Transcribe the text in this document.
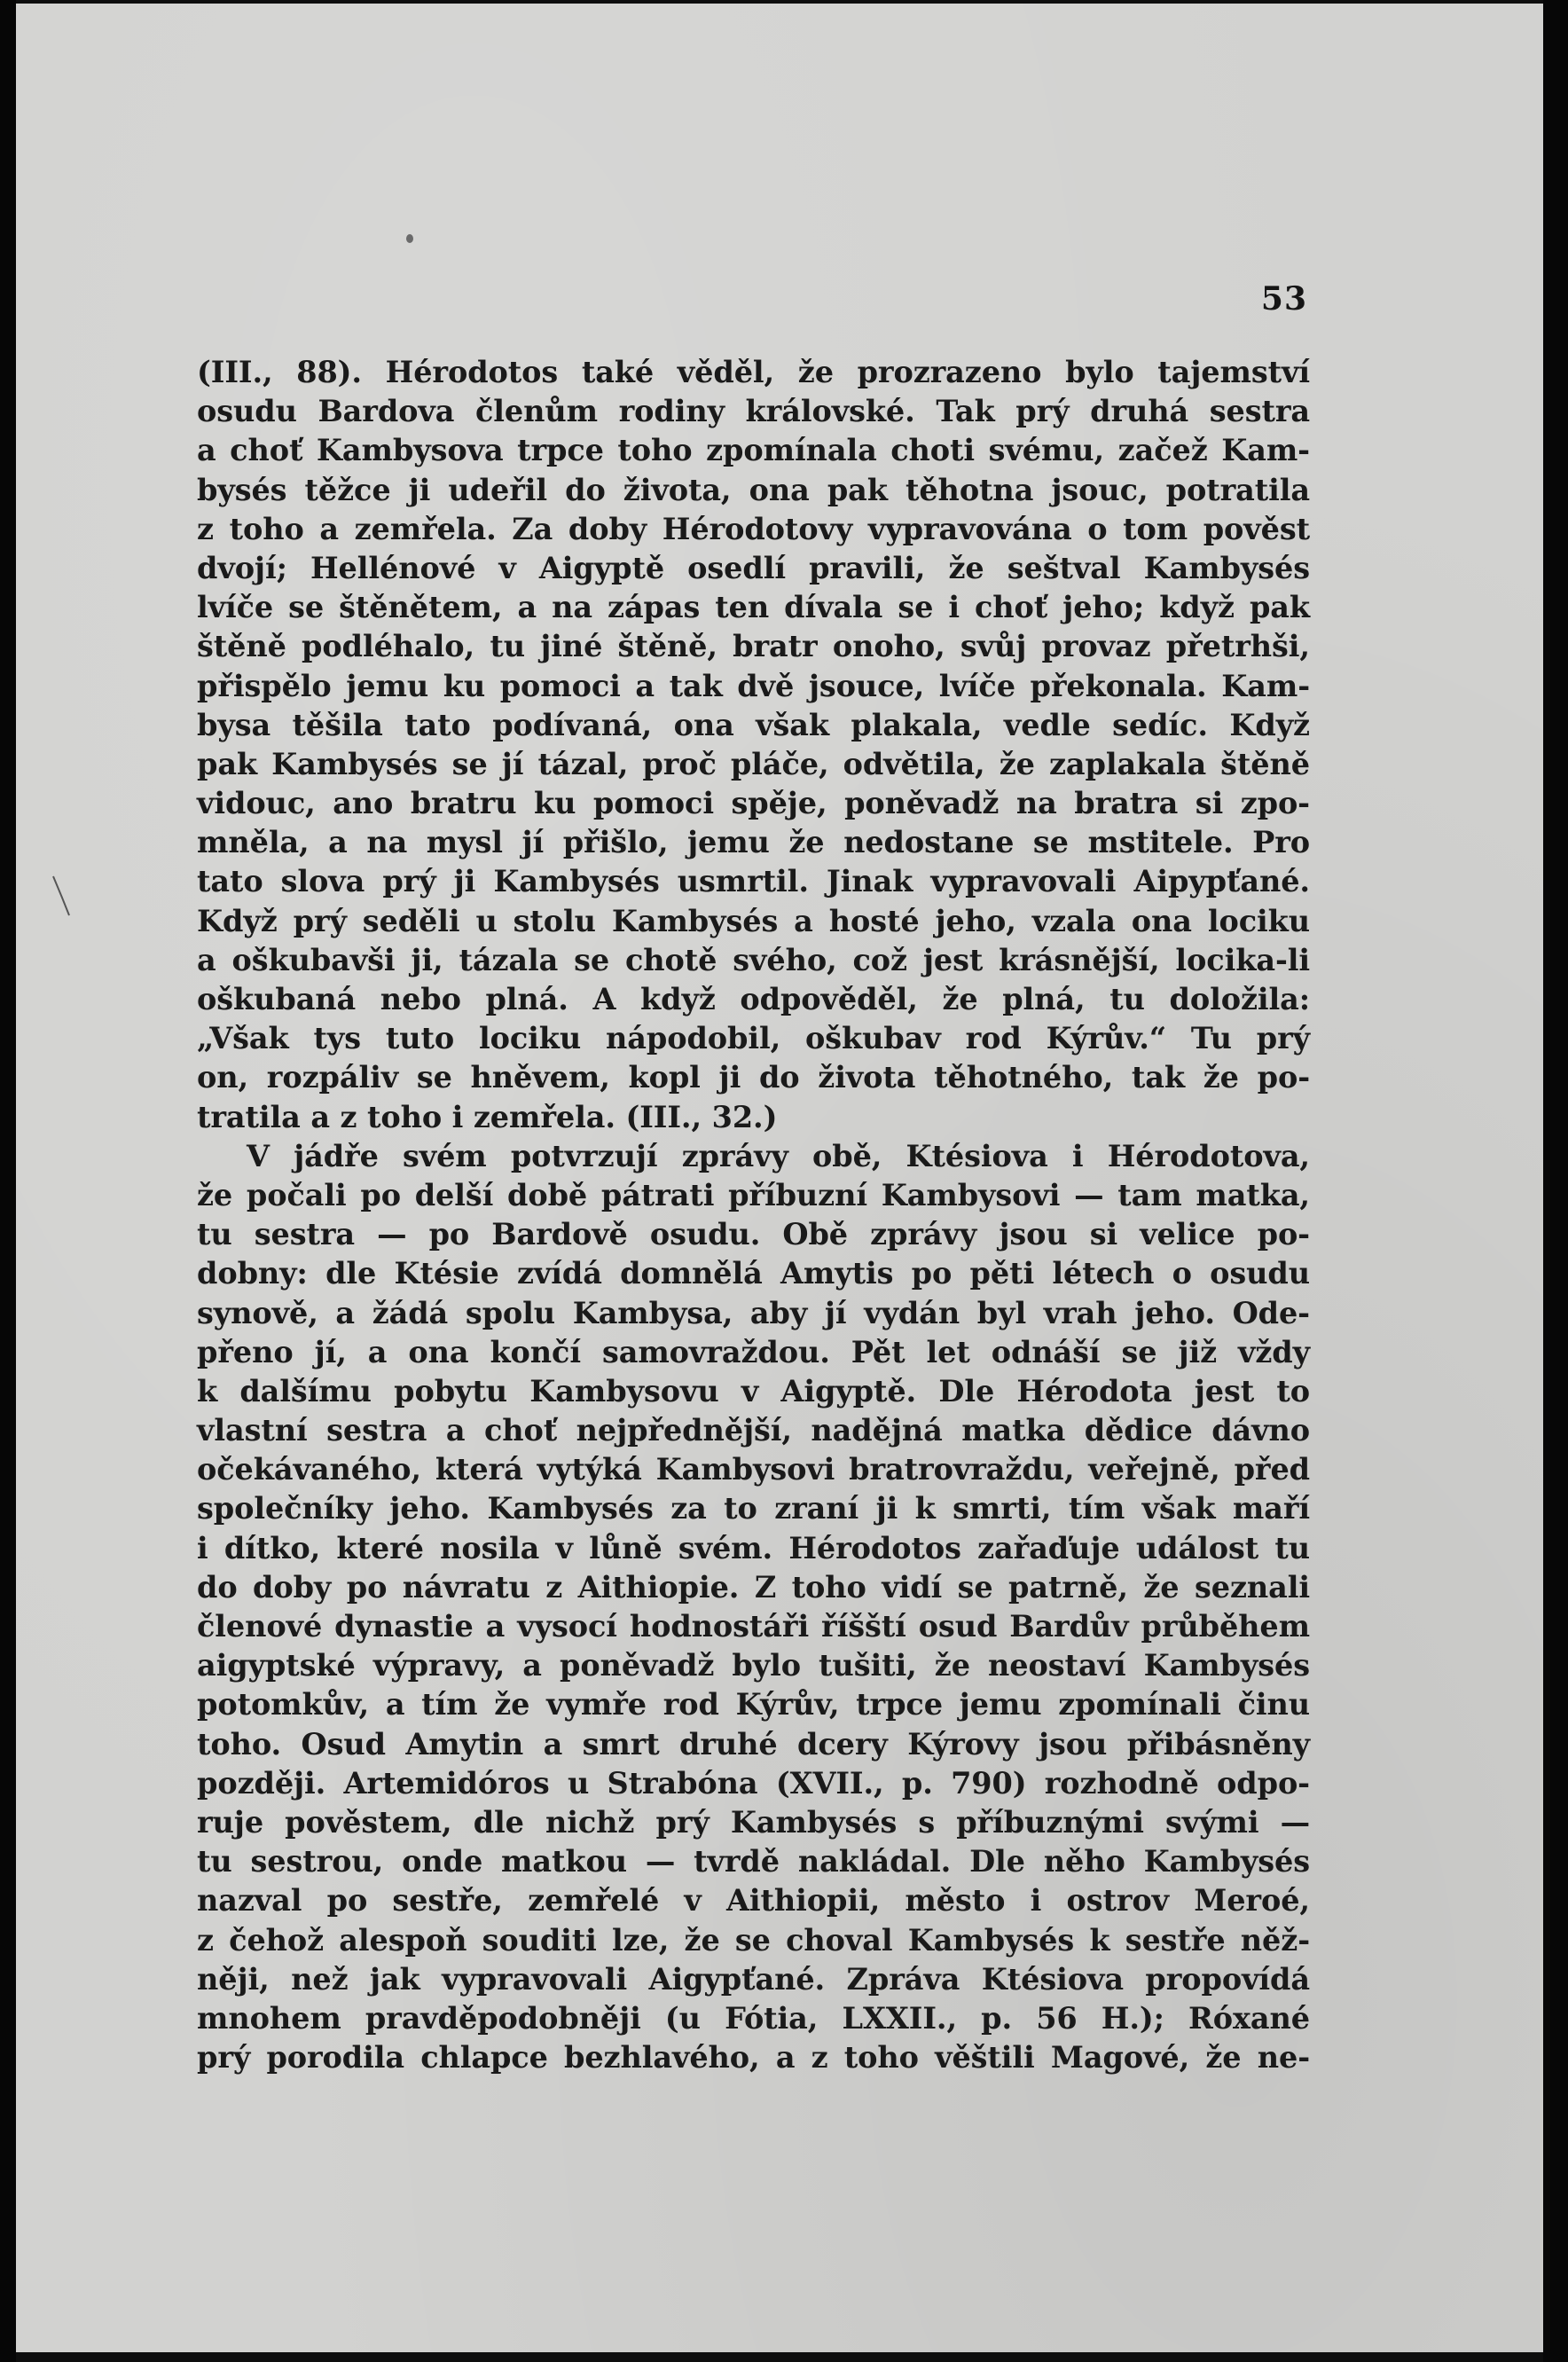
53
(III., 88). Hérodotos také věděl, že prozrazeno bylo tajemství
osudu Bardova členům rodiny královské. Tak prý druhá sestra
a choť Kambysova trpce toho zpomínala choti svému, začež Kam-
bysés těžce ji udeřil do života, ona pak těhotna jsouc, potratila
z toho a zemřela. Za doby Hérodotovy vypravována o tom pověst
dvojí; Hellénové v Aigyptě osedlí pravili, že seštval Kambysés
lvíče se štěnětem, a na zápas ten dívala se i choť jeho; když pak
štěně podléhalo, tu jiné štěně, bratr onoho, svůj provaz přetrhši,
přispělo jemu ku pomoci a tak dvě jsouce, lvíče překonala. Kam-
bysa těšila tato podívaná, ona však plakala, vedle sedíc. Když
pak Kambysés se jí tázal, proč pláče, odvětila, že zaplakala štěně
vidouc, ano bratru ku pomoci spěje, poněvadž na bratra si zpo-
mněla, a na mysl jí přišlo, jemu že nedostane se mstitele. Pro
tato slova prý ji Kambysés usmrtil. Jinak vypravovali Aipypťané.
Když prý seděli u stolu Kambysés a hosté jeho, vzala ona lociku
a oškubavši ji, tázala se chotě svého, což jest krásnější, locika-li
oškubaná nebo plná. A když odpověděl, že plná, tu doložila:
„Však tys tuto lociku nápodobil, oškubav rod Kýrův.“ Tu prý
on, rozpáliv se hněvem, kopl ji do života těhotného, tak že po-
tratila a z toho i zemřela. (III., 32.)
V jádře svém potvrzují zprávy obě, Ktésiova i Hérodotova,
že počali po delší době pátrati příbuzní Kambysovi — tam matka,
tu sestra — po Bardově osudu. Obě zprávy jsou si velice po-
dobny: dle Ktésie zvídá domnělá Amytis po pěti létech o osudu
synově, a žádá spolu Kambysa, aby jí vydán byl vrah jeho. Ode-
přeno jí, a ona končí samovraždou. Pět let odnáší se již vždy
k dalšímu pobytu Kambysovu v Aigyptě. Dle Hérodota jest to
vlastní sestra a choť nejpřednější, nadějná matka dědice dávno
očekávaného, která vytýká Kambysovi bratrovraždu, veřejně, před
společníky jeho. Kambysés za to zraní ji k smrti, tím však maří
i dítko, které nosila v lůně svém. Hérodotos zařaďuje událost tu
do doby po návratu z Aithiopie. Z toho vidí se patrně, že seznali
členové dynastie a vysocí hodnostáři říšští osud Bardův průběhem
aigyptské výpravy, a poněvadž bylo tušiti, že neostaví Kambysés
potomkův, a tím že vymře rod Kýrův, trpce jemu zpomínali činu
toho. Osud Amytin a smrt druhé dcery Kýrovy jsou přibásněny
později. Artemidóros u Strabóna (XVII., p. 790) rozhodně odpo-
ruje pověstem, dle nichž prý Kambysés s příbuznými svými —
tu sestrou, onde matkou — tvrdě nakládal. Dle něho Kambysés
nazval po sestře, zemřelé v Aithiopii, město i ostrov Meroé,
z čehož alespoň souditi lze, že se choval Kambysés k sestře něž-
něji, než jak vypravovali Aigypťané. Zpráva Ktésiova propovídá
mnohem pravděpodobněji (u Fótia, LXXII., p. 56 H.); Róxané
prý porodila chlapce bezhlavého, a z toho věštili Magové, že ne-
